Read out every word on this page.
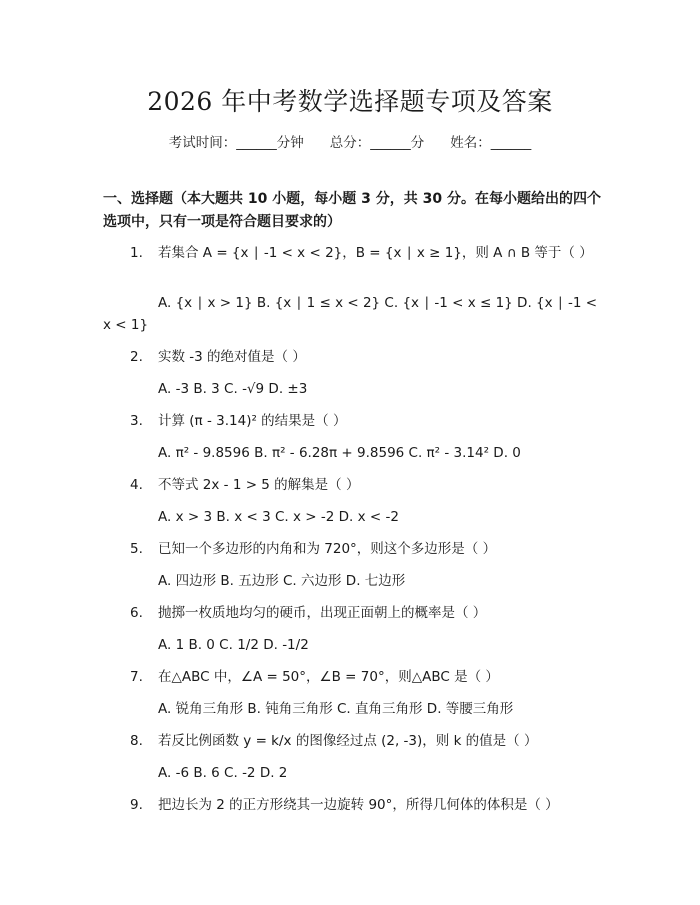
2026 年中考数学选择题专项及答案
考试时间：______分钟 总分：______分 姓名：______
一、选择题（本大题共 10 小题，每小题 3 分，共 30 分。在每小题给出的四个选项中，只有一项是符合题目要求的）
1.	若集合 A = {x ∣ -1 < x < 2}，B = {x ∣ x ≥ 1}，则 A ∩ B 等于（ ）
A. {x ∣ x > 1} B. {x ∣ 1 ≤ x < 2} C. {x ∣ -1 < x ≤ 1} D. {x ∣ -1 < x < 1}
2.	实数 -3 的绝对值是（ ）
A. -3 B. 3 C. -√9 D. ±3
3.	计算 (π - 3.14)² 的结果是（ ）
A. π² - 9.8596 B. π² - 6.28π + 9.8596 C. π² - 3.14² D. 0
4.	不等式 2x - 1 > 5 的解集是（ ）
A. x > 3 B. x < 3 C. x > -2 D. x < -2
5.	已知一个多边形的内角和为 720°，则这个多边形是（ ）
A. 四边形 B. 五边形 C. 六边形 D. 七边形
6.	抛掷一枚质地均匀的硬币，出现正面朝上的概率是（ ）
A. 1 B. 0 C. 1/2 D. -1/2
7.	在△ABC 中，∠A = 50°，∠B = 70°，则△ABC 是（ ）
A. 锐角三角形 B. 钝角三角形 C. 直角三角形 D. 等腰三角形
8.	若反比例函数 y = k/x 的图像经过点 (2, -3)，则 k 的值是（ ）
A. -6 B. 6 C. -2 D. 2
9.	把边长为 2 的正方形绕其一边旋转 90°，所得几何体的体积是（ ）
